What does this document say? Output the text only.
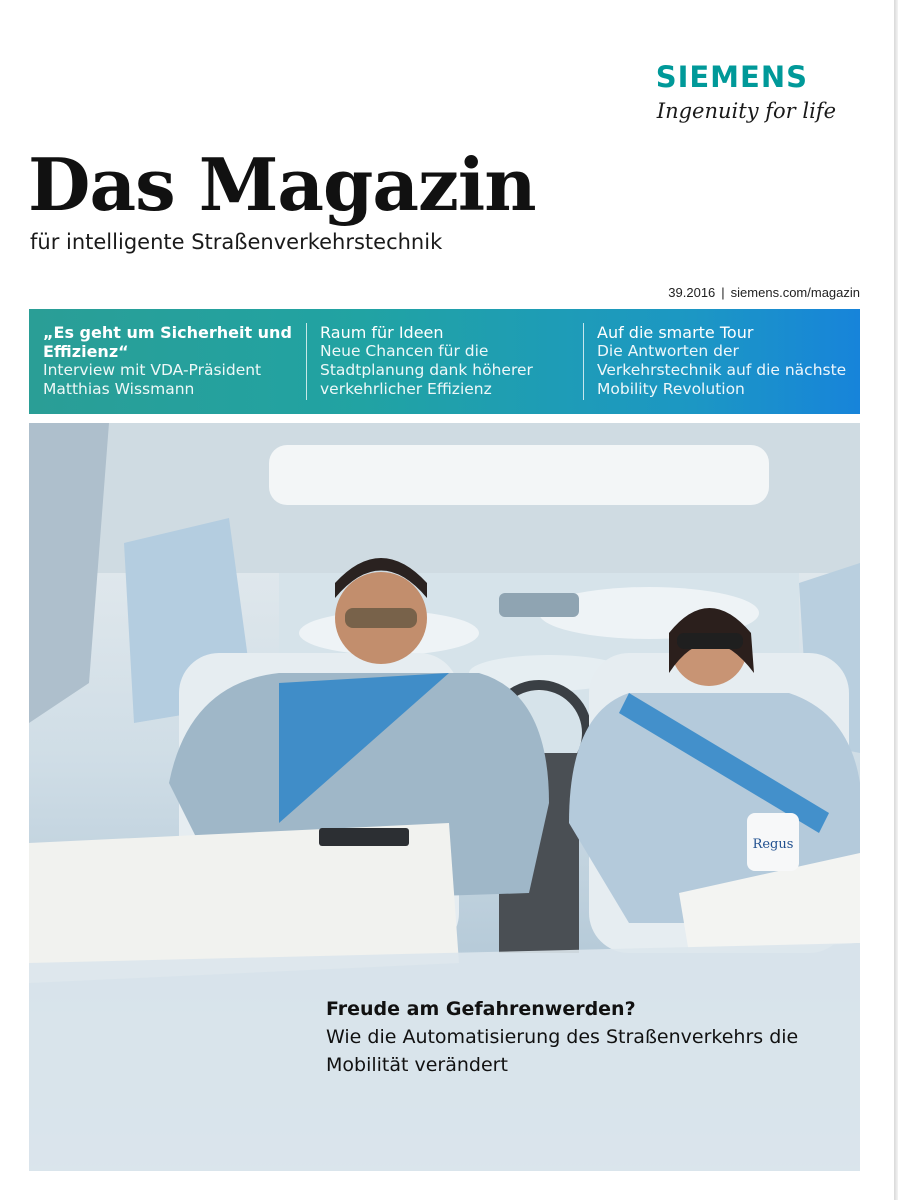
SIEMENS
Ingenuity for life
Das Magazin

für intelligente Straßenverkehrstechnik

39.2016 | siemens.com/magazin
„Es geht um Sicherheit und Effizienz“
Interview mit VDA-Präsident Matthias Wissmann
Raum für Ideen
Neue Chancen für die Stadtplanung dank höherer verkehrlicher Effizienz
Auf die smarte Tour
Die Antworten der Verkehrstechnik auf die nächste Mobility Revolution
Regus
Freude am Gefahrenwerden?
Wie die Automatisierung des Straßenverkehrs die Mobilität verändert
